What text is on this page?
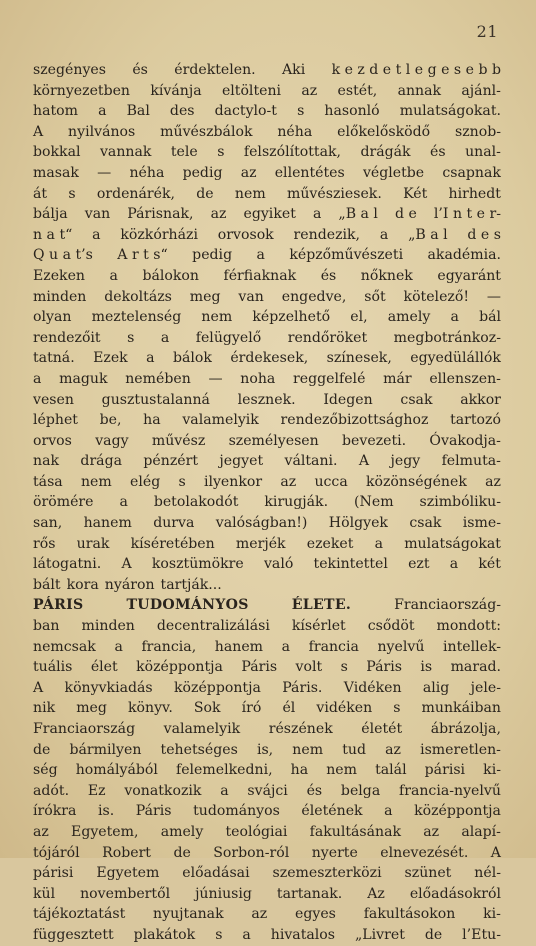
21
szegényes és érdektelen. Aki k e z d e t l e g e s e b b
környezetben kívánja eltölteni az estét, annak ajánl-
hatom a Bal des dactylo-t s hasonló mulatságokat.
A nyilvános művészbálok néha előkelősködő sznob-
bokkal vannak tele s felszólítottak, drágák és unal-
masak — néha pedig az ellentétes végletbe csapnak
át s ordenárék, de nem művésziesek. Két hirhedt
bálja van Párisnak, az egyiket a „B a l d e l’I n t e r-
n a t“ a közkórházi orvosok rendezik, a „B a l d e s
Q u a t’s A r t s“ pedig a képzőművészeti akadémia.
Ezeken a bálokon férfiaknak és nőknek egyaránt
minden dekoltázs meg van engedve, sőt kötelező! —
olyan meztelenség nem képzelhető el, amely a bál
rendezőit s a felügyelő rendőröket megbotránkoz-
tatná. Ezek a bálok érdekesek, színesek, egyedülállók
a maguk nemében — noha reggelfelé már ellenszen-
vesen gusztustalanná lesznek. Idegen csak akkor
léphet be, ha valamelyik rendezőbizottsághoz tartozó
orvos vagy művész személyesen bevezeti. Óvakodja-
nak drága pénzért jegyet váltani. A jegy felmuta-
tása nem elég s ilyenkor az ucca közönségének az
örömére a betolakodót kirugják. (Nem szimbóliku-
san, hanem durva valóságban!) Hölgyek csak isme-
rős urak kíséretében merjék ezeket a mulatságokat
látogatni. A kosztümökre való tekintettel ezt a két
bált kora nyáron tartják...
PÁRIS	TUDOMÁNYOS	ÉLETE.	Franciaország-
ban minden decentralizálási kísérlet csődöt mondott:
nemcsak a francia, hanem a francia nyelvű intellek-
tuális élet középpontja Páris volt s Páris is marad.
A könyvkiadás középpontja Páris. Vidéken alig jele-
nik meg könyv. Sok író él vidéken s munkáiban
Franciaország valamelyik részének életét ábrázolja,
de bármilyen tehetséges is, nem tud az ismeretlen-
ség homályából felemelkedni, ha nem talál párisi ki-
adót. Ez vonatkozik a svájci és belga francia-nyelvű
írókra is. Páris tudományos életének a középpontja
az Egyetem, amely teológiai fakultásának az alapí-
tójáról Robert de Sorbon-ról nyerte elnevezését. A
párisi Egyetem előadásai szemeszterközi szünet nél-
kül novembertől júniusig tartanak. Az előadásokról
tájékoztatást nyujtanak az egyes fakultásokon ki-
függesztett plakátok s a hivatalos „Livret de l’Etu-
